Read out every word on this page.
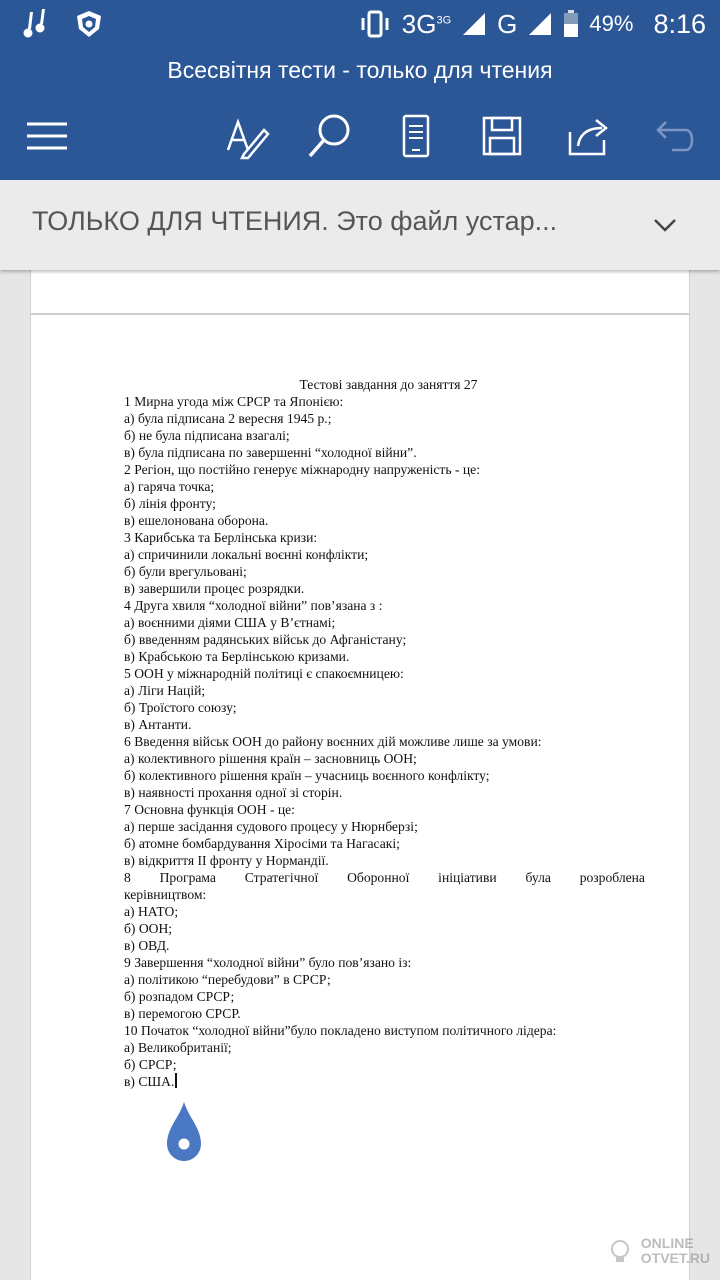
$3G^{3G}$ G	49% 8:16
Всесвітня тести - только для чтения
ТОЛЬКО ДЛЯ ЧТЕНИЯ. Это файл устар...
Тестові завдання до заняття 27
1 Мирна угода між СРСР та Японією:
а) була підписана 2 вересня 1945 р.;
б) не була підписана взагалі;
в) була підписана по завершенні “холодної війни”.
2 Регіон, що постійно генерує міжнародну напруженість - це:
а) гаряча точка;
б) лінія фронту;
в) ешелонована оборона.
3 Карибська та Берлінська кризи:
а) спричинили локальні воєнні конфлікти;
б) були врегульовані;
в) завершили процес розрядки.
4 Друга хвиля “холодної війни” пов’язана з :
а) воєнними діями США у В’єтнамі;
б) введенням радянських військ до Афганістану;
в) Крабською та Берлінською кризами.
5 ООН у міжнародній політиці є спакоємницею:
а) Ліги Націй;
б) Троїстого союзу;
в) Антанти.
6 Введення військ ООН до району воєнних дій можливе лише за умови:
а) колективного рішення країн – засновниць ООН;
б) колективного рішення країн – учасниць воєнного конфлікту;
в) наявності прохання одної зі сторін.
7 Основна функція ООН - це:
а) перше засідання судового процесу у Нюрнберзі;
б) атомне бомбардування Хіросіми та Нагасакі;
в) відкриття ІІ фронту у Нормандії.
8 Програма Стратегічної Оборонної ініціативи була розроблена
керівництвом:
а) НАТО;
б) ООН;
в) ОВД.
9 Завершення “холодної війни” було пов’язано із:
а) політикою “перебудови” в СРСР;
б) розпадом СРСР;
в) перемогою СРСР.
10 Початок “холодної війни”було покладено виступом політичного лідера:
а) Великобританії;
б) СРСР;
в) США.
ONLINE
OTVET.RU
